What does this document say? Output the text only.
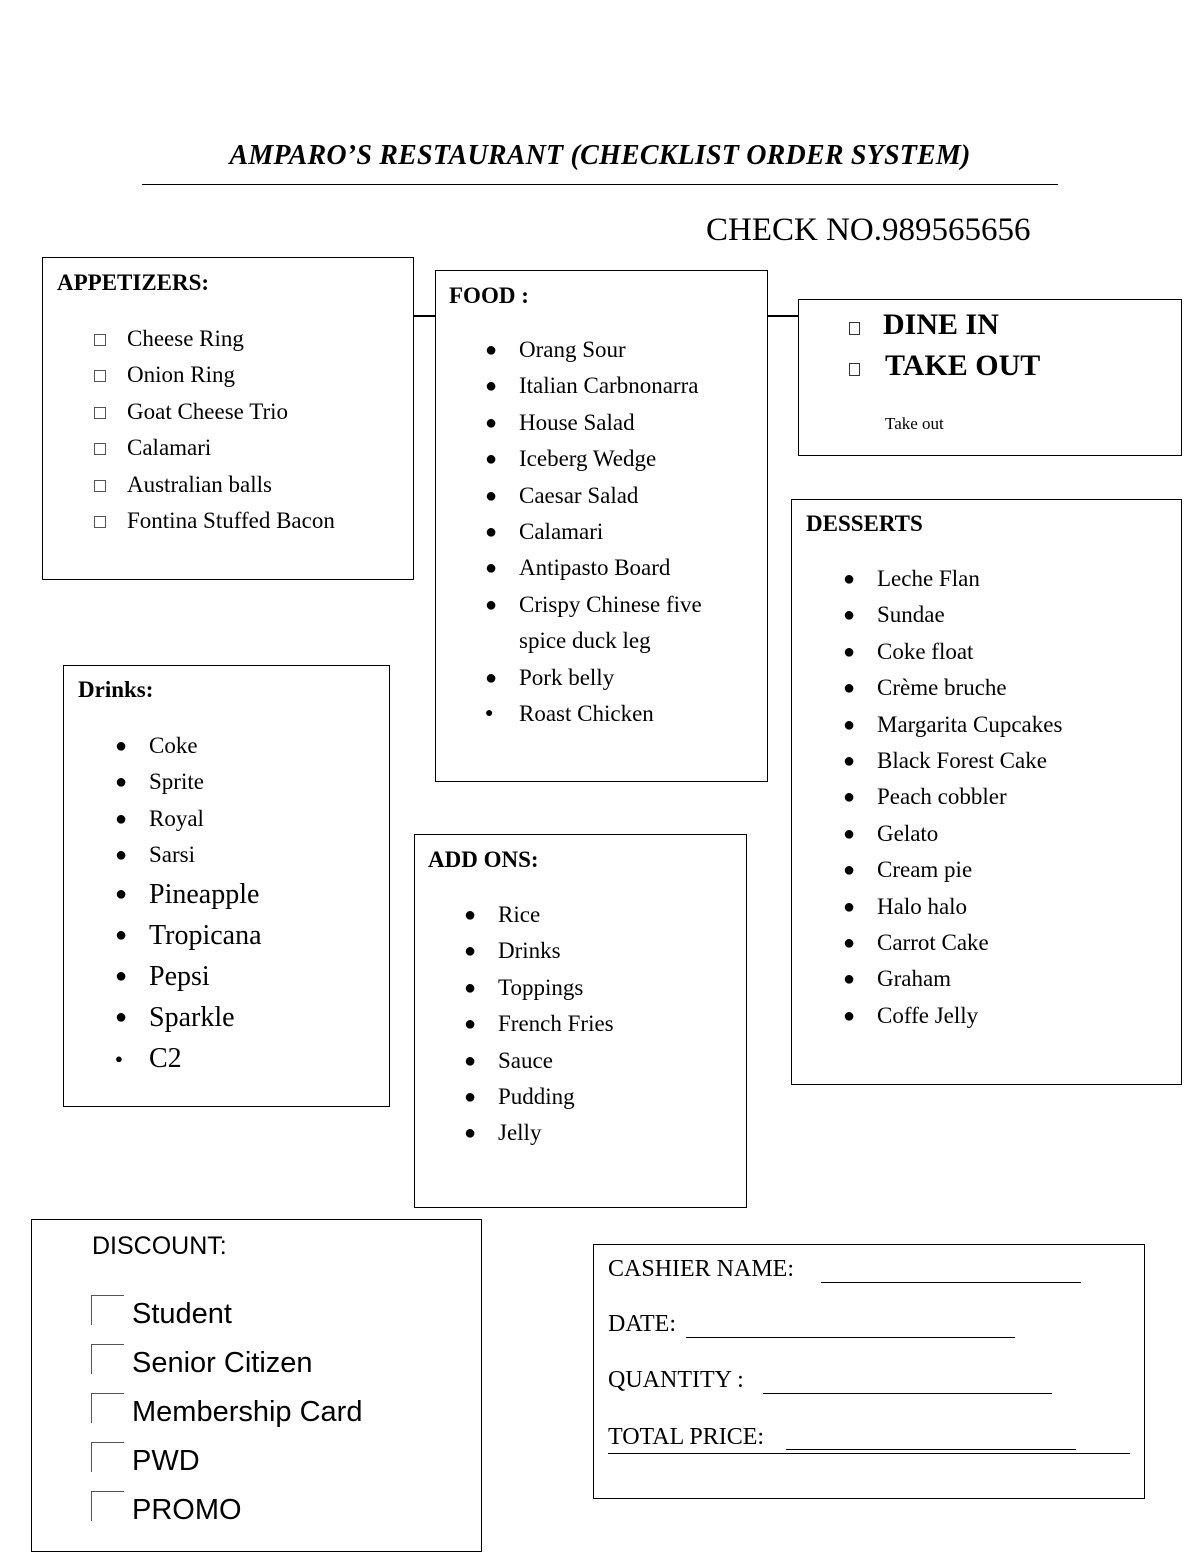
AMPARO’S RESTAURANT (CHECKLIST ORDER SYSTEM)
CHECK NO.989565656
APPETIZERS:
Cheese Ring
Onion Ring
Goat Cheese Trio
Calamari
Australian balls
Fontina Stuffed Bacon
FOOD :
● Orang Sour
● Italian Carbnonarra
● House Salad
● Iceberg Wedge
● Caesar Salad
● Calamari
● Antipasto Board
● Crispy Chinese five
spice duck leg
● Pork belly
● Roast Chicken
DINE IN
TAKE OUT
Take out
DESSERTS
● Leche Flan
● Sundae
● Coke float
● Crème bruche
● Margarita Cupcakes
● Black Forest Cake
● Peach cobbler
● Gelato
● Cream pie
● Halo halo
● Carrot Cake
● Graham
● Coffe Jelly
Drinks:
● Coke
● Sprite
● Royal
● Sarsi
● Pineapple
● Tropicana
● Pepsi
● Sparkle
● C2
ADD ONS:
● Rice
● Drinks
● Toppings
● French Fries
● Sauce
● Pudding
● Jelly
DISCOUNT:
Student
Senior Citizen
Membership Card
PWD
PROMO
CASHIER NAME:
DATE:
QUANTITY :
TOTAL PRICE:
